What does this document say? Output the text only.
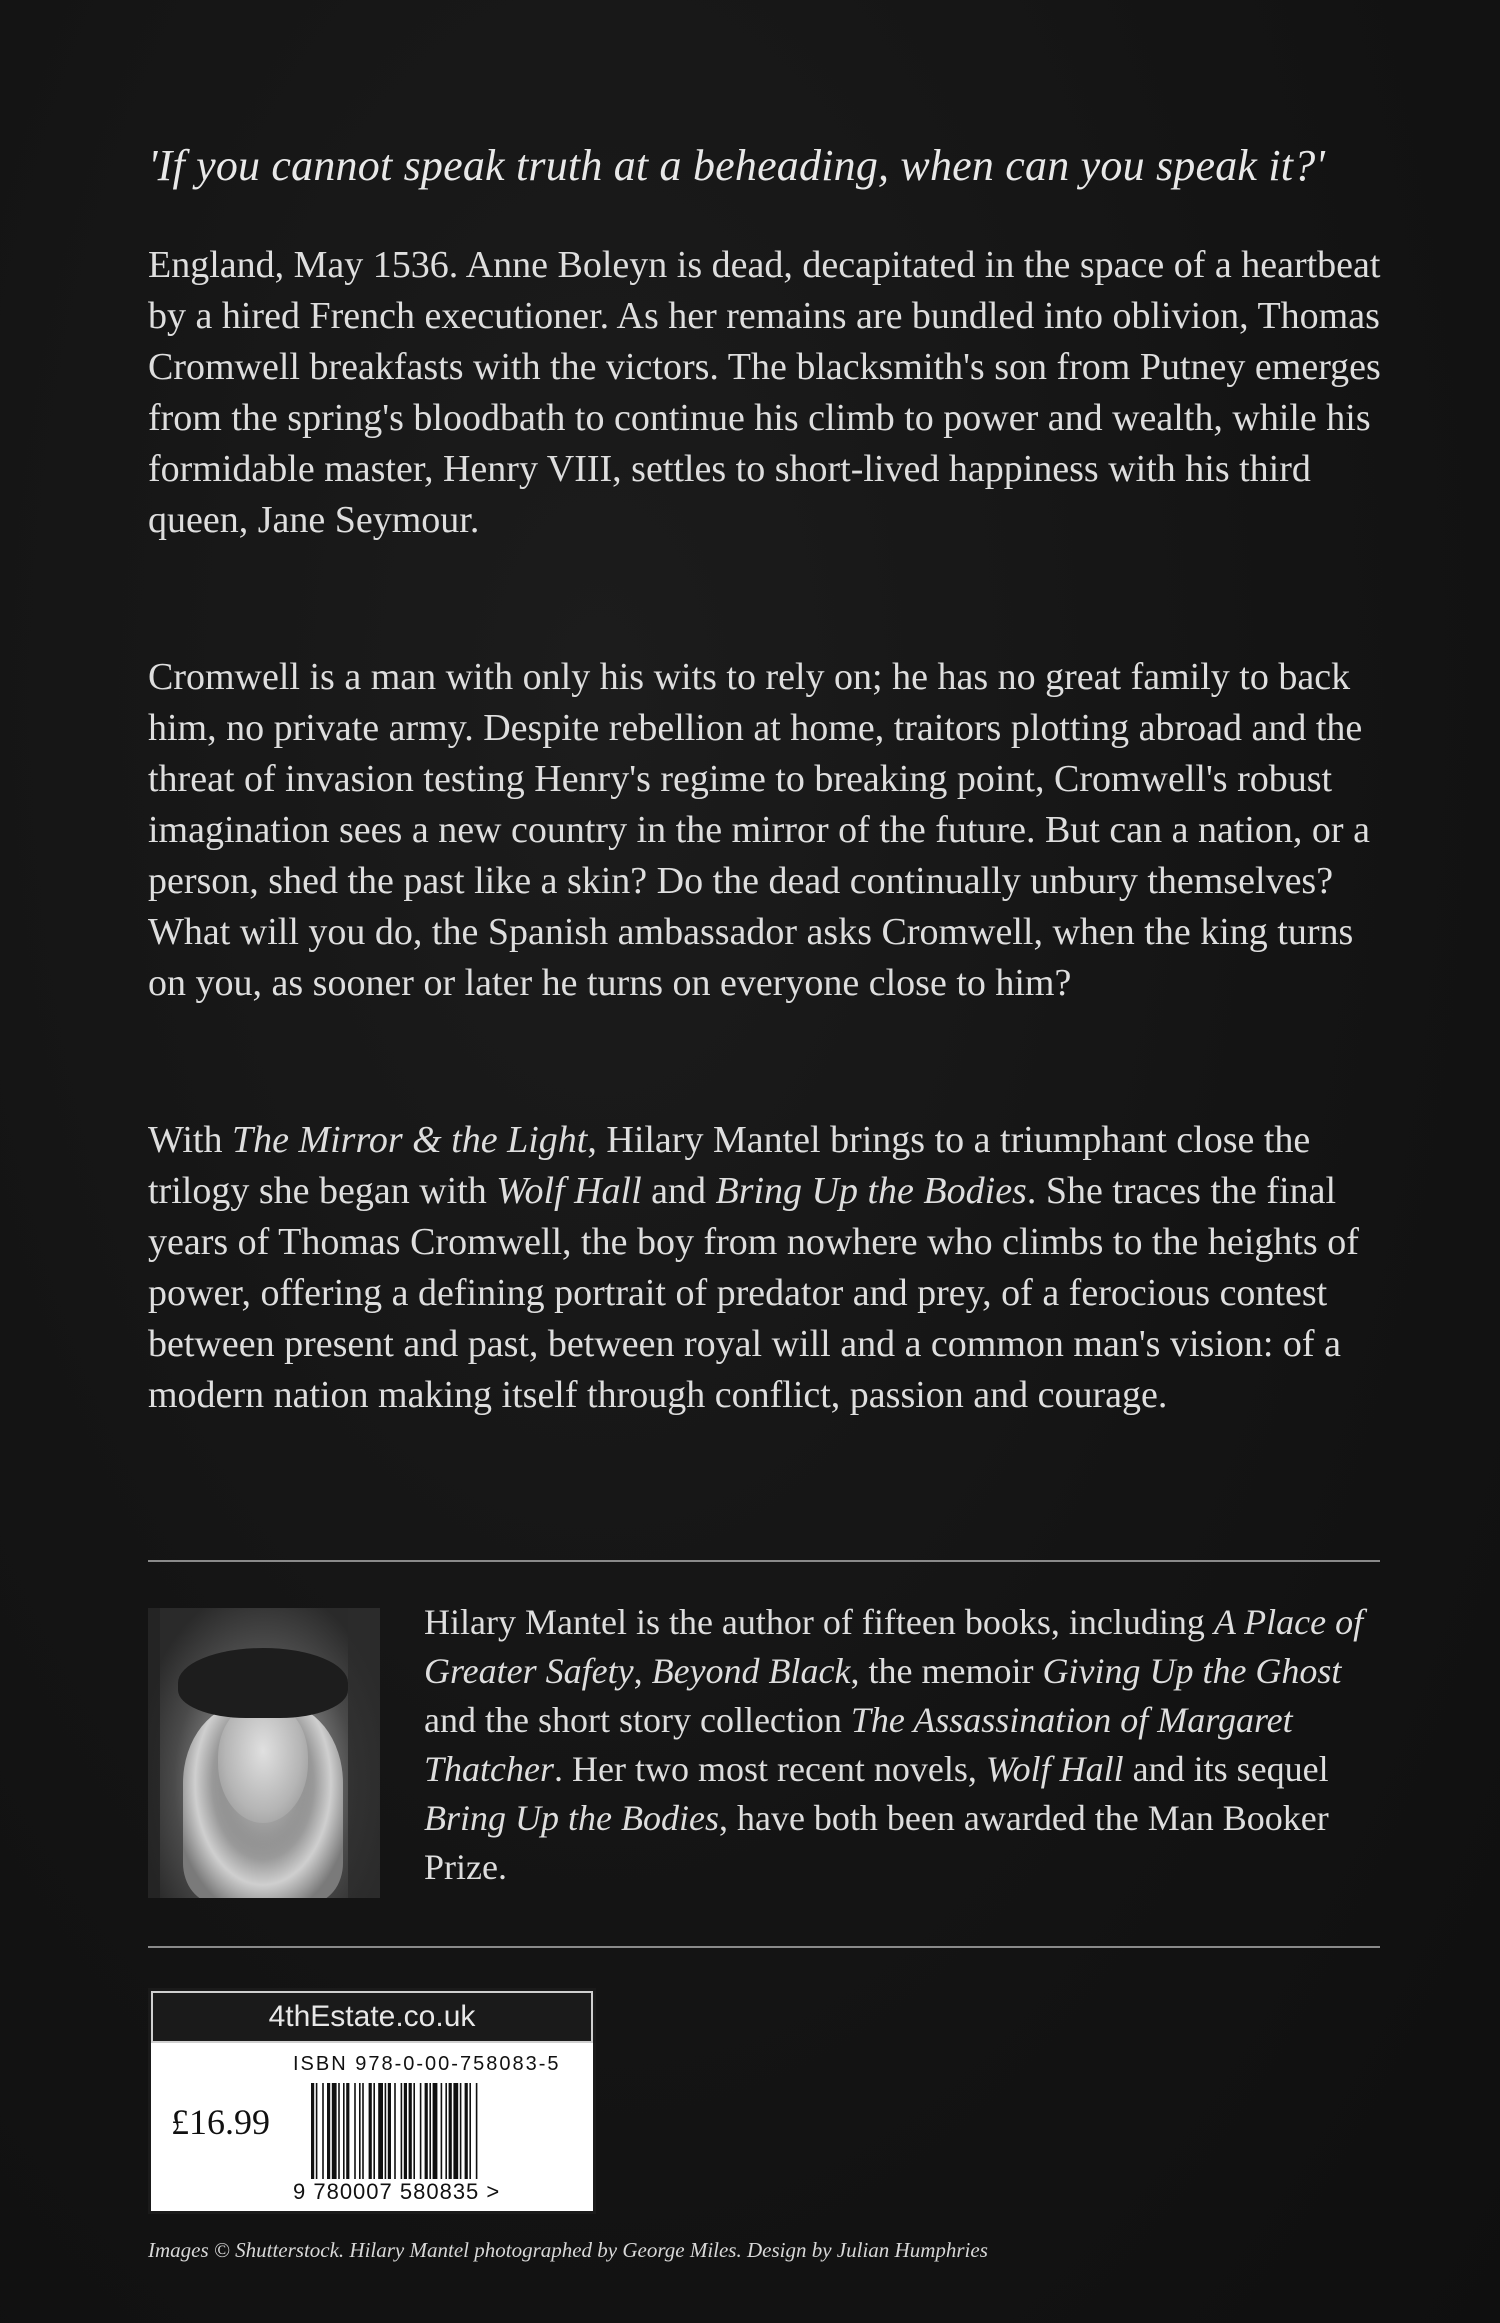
'If you cannot speak truth at a beheading, when can you speak it?'

England, May 1536. Anne Boleyn is dead, decapitated in the space of a heartbeat by a hired French executioner. As her remains are bundled into oblivion, Thomas Cromwell breakfasts with the victors. The blacksmith's son from Putney emerges from the spring's bloodbath to continue his climb to power and wealth, while his formidable master, Henry VIII, settles to short-lived happiness with his third queen, Jane Seymour.

Cromwell is a man with only his wits to rely on; he has no great family to back him, no private army. Despite rebellion at home, traitors plotting abroad and the threat of invasion testing Henry's regime to breaking point, Cromwell's robust imagination sees a new country in the mirror of the future. But can a nation, or a person, shed the past like a skin? Do the dead continually unbury themselves? What will you do, the Spanish ambassador asks Cromwell, when the king turns on you, as sooner or later he turns on everyone close to him?

With The Mirror & the Light, Hilary Mantel brings to a triumphant close the trilogy she began with Wolf Hall and Bring Up the Bodies. She traces the final years of Thomas Cromwell, the boy from nowhere who climbs to the heights of power, offering a defining portrait of predator and prey, of a ferocious contest between present and past, between royal will and a common man's vision: of a modern nation making itself through conflict, passion and courage.

Hilary Mantel is the author of fifteen books, including A Place of Greater Safety, Beyond Black, the memoir Giving Up the Ghost and the short story collection The Assassination of Margaret Thatcher. Her two most recent novels, Wolf Hall and its sequel Bring Up the Bodies, have both been awarded the Man Booker Prize.

4thEstate.co.uk
ISBN 978-0-00-758083-5
£16.99
9 780007 580835 >

Images © Shutterstock. Hilary Mantel photographed by George Miles. Design by Julian Humphries
